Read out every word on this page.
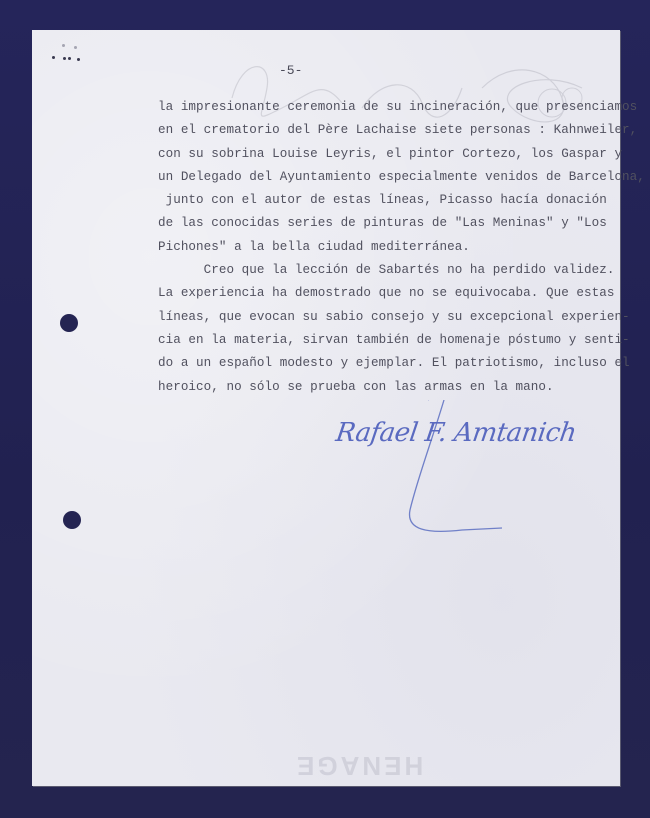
-5-
la impresionante ceremonia de su incineración, que presenciamos
en el crematorio del Père Lachaise siete personas : Kahnweiler,
con su sobrina Louise Leyris, el pintor Cortezo, los Gaspar y
un Delegado del Ayuntamiento especialmente venidos de Barcelona,
junto con el autor de estas líneas, Picasso hacía donación
de las conocidas series de pinturas de "Las Meninas" y "Los
Pichones" a la bella ciudad mediterránea.
Creo que la lección de Sabartés no ha perdido validez.
La experiencia ha demostrado que no se equivocaba. Que estas
líneas, que evocan su sabio consejo y su excepcional experien-
cia en la materia, sirvan también de homenaje póstumo y senti-
do a un español modesto y ejemplar. El patriotismo, incluso el
heroico, no sólo se prueba con las armas en la mano.
Rafael F. Amtanich
HENAGE
